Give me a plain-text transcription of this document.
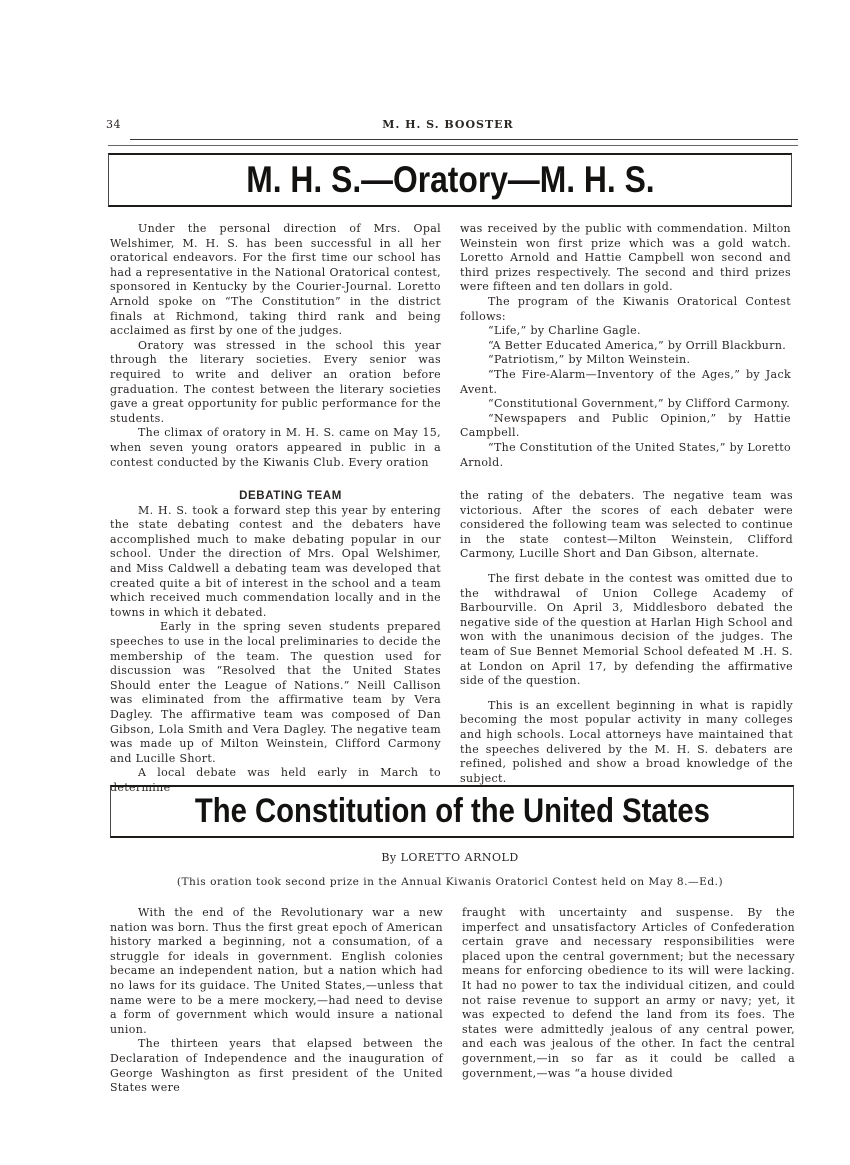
34	M. H. S. BOOSTER
M. H. S.—Oratory—M. H. S.

Under the personal direction of Mrs. Opal Welshimer, M. H. S. has been successful in all her oratorical endeavors. For the first time our school has had a representative in the National Oratorical contest, sponsored in Kentucky by the Courier-Journal. Loretto Arnold spoke on “The Constitution” in the district finals at Richmond, taking third rank and being acclaimed as first by one of the judges.

Oratory was stressed in the school this year through the literary societies. Every senior was required to write and deliver an oration before graduation. The contest between the literary societies gave a great opportunity for public performance for the students.

The climax of oratory in M. H. S. came on May 15, when seven young orators appeared in public in a contest conducted by the Kiwanis Club. Every oration

was received by the public with commendation. Milton Weinstein won first prize which was a gold watch. Loretto Arnold and Hattie Campbell won second and third prizes respectively. The second and third prizes were fifteen and ten dollars in gold.

The program of the Kiwanis Oratorical Contest follows:

“Life,” by Charline Gagle.

“A Better Educated America,” by Orrill Blackburn.

“Patriotism,” by Milton Weinstein.

“The Fire-Alarm—Inventory of the Ages,” by Jack Avent.

“Constitutional Government,” by Clifford Carmony.

“Newspapers and Public Opinion,” by Hattie Campbell.

“The Constitution of the United States,” by Loretto Arnold.

DEBATING TEAM

M. H. S. took a forward step this year by entering the state debating contest and the debaters have accomplished much to make debating popular in our school. Under the direction of Mrs. Opal Welshimer, and Miss Caldwell a debating team was developed that created quite a bit of interest in the school and a team which received much commendation locally and in the towns in which it debated.

Early in the spring seven students prepared speeches to use in the local preliminaries to decide the membership of the team. The question used for discussion was “Resolved that the United States Should enter the League of Nations.” Neill Callison was eliminated from the affirmative team by Vera Dagley. The affirmative team was composed of Dan Gibson, Lola Smith and Vera Dagley. The negative team was made up of Milton Weinstein, Clifford Carmony and Lucille Short.

A local debate was held early in March to determine

the rating of the debaters. The negative team was victorious. After the scores of each debater were considered the following team was selected to continue in the state contest—Milton Weinstein, Clifford Carmony, Lucille Short and Dan Gibson, alternate.

The first debate in the contest was omitted due to the withdrawal of Union College Academy of Barbourville. On April 3, Middlesboro debated the negative side of the question at Harlan High School and won with the unanimous decision of the judges. The team of Sue Bennet Memorial School defeated M .H. S. at London on April 17, by defending the affirmative side of the question.

This is an excellent beginning in what is rapidly becoming the most popular activity in many colleges and high schools. Local attorneys have maintained that the speeches delivered by the M. H. S. debaters are refined, polished and show a broad knowledge of the subject.

The Constitution of the United States
By LORETTO ARNOLD
(This oration took second prize in the Annual Kiwanis Oratoricl Contest held on May 8.—Ed.)

With the end of the Revolutionary war a new nation was born. Thus the first great epoch of American history marked a beginning, not a consumation, of a struggle for ideals in government. English colonies became an independent nation, but a nation which had no laws for its guidace. The United States,—unless that name were to be a mere mockery,—had need to devise a form of government which would insure a national union.

The thirteen years that elapsed between the Declaration of Independence and the inauguration of George Washington as first president of the United States were

fraught with uncertainty and suspense. By the imperfect and unsatisfactory Articles of Confederation certain grave and necessary responsibilities were placed upon the central government; but the necessary means for enforcing obedience to its will were lacking. It had no power to tax the individual citizen, and could not raise revenue to support an army or navy; yet, it was expected to defend the land from its foes. The states were admittedly jealous of any central power, and each was jealous of the other. In fact the central government,—in so far as it could be called a government,—was “a house divided
